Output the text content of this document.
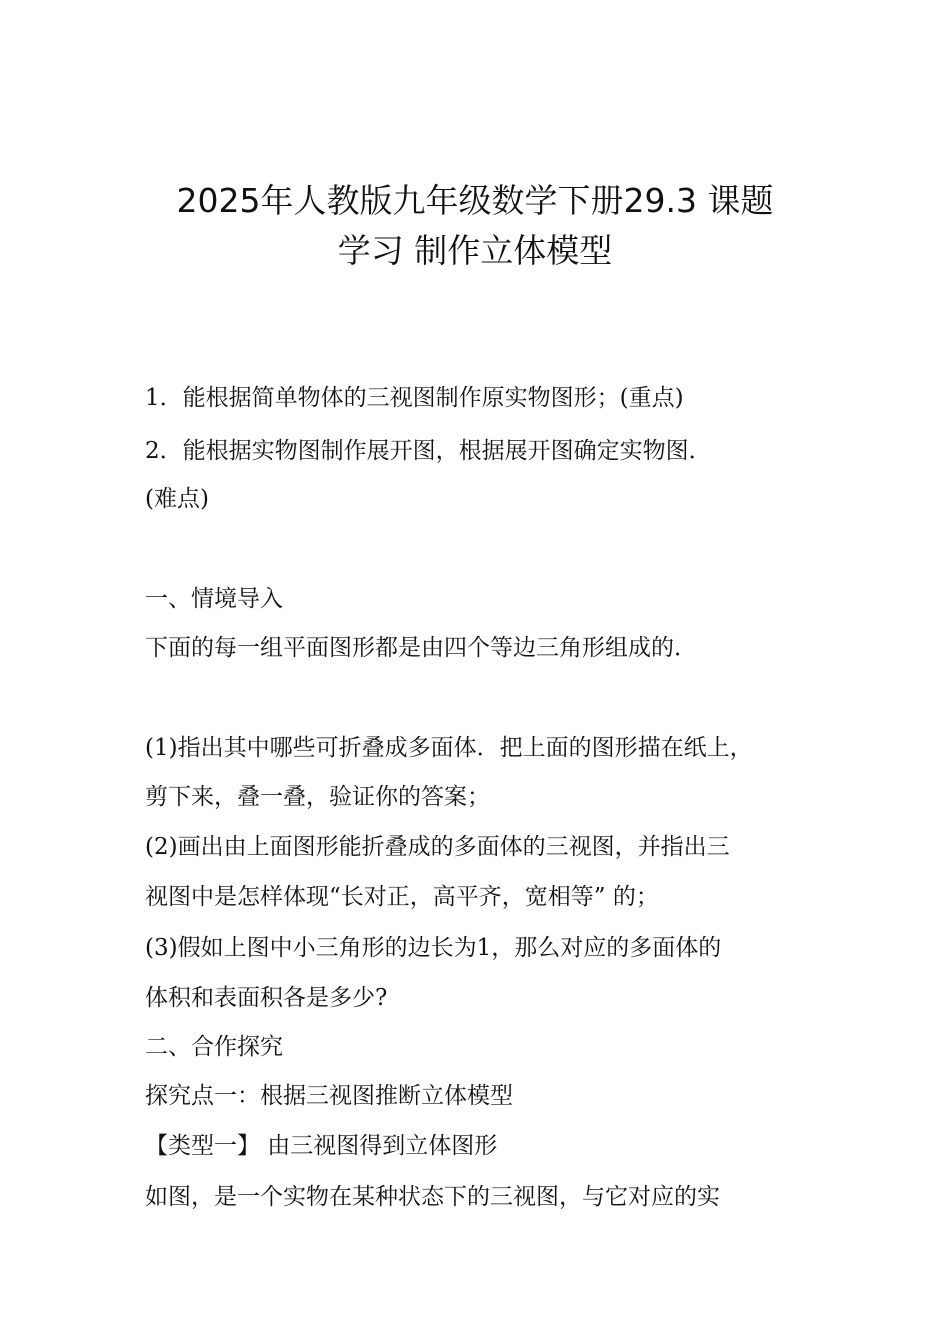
2025年人教版九年级数学下册29.3 课题
学习 制作立体模型
1．能根据简单物体的三视图制作原实物图形；(重点)
2．能根据实物图制作展开图，根据展开图确定实物图．
(难点)
一、情境导入
下面的每一组平面图形都是由四个等边三角形组成的．
(1)指出其中哪些可折叠成多面体．把上面的图形描在纸上，
剪下来，叠一叠，验证你的答案；
(2)画出由上面图形能折叠成的多面体的三视图，并指出三
视图中是怎样体现“长对正，高平齐，宽相等” 的；
(3)假如上图中小三角形的边长为1，那么对应的多面体的
体积和表面积各是多少?
二、合作探究
探究点一：根据三视图推断立体模型
【类型一】 由三视图得到立体图形
如图，是一个实物在某种状态下的三视图，与它对应的实
